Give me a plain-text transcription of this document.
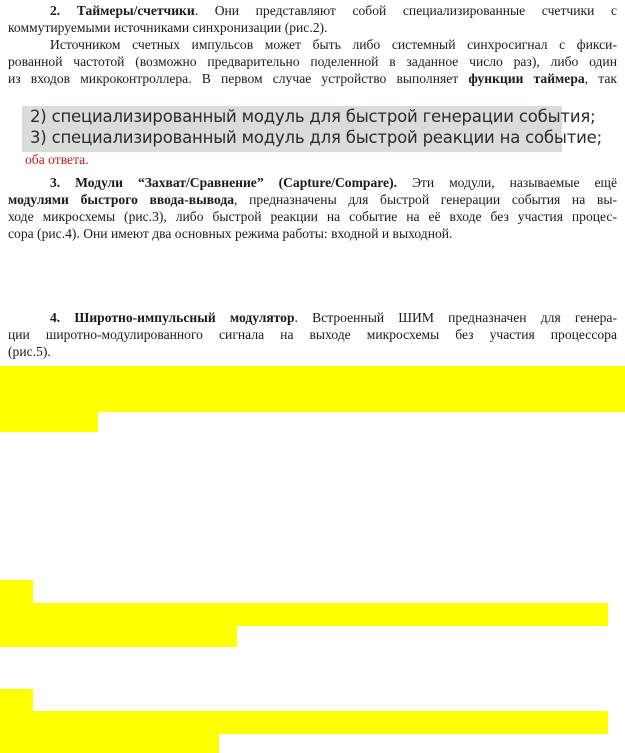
2. Таймеры/счетчики. Они представляют собой специализированные счетчики с
коммутируемыми источниками синхронизации (рис.2).
Источником счетных импульсов может быть либо системный синхросигнал с фикси-
рованной частотой (возможно предварительно поделенной в заданное число раз), либо один
из входов микроконтроллера. В первом случае устройство выполняет функции таймера, так
2) специализированный модуль для быстрой генерации события;
3) специализированный модуль для быстрой реакции на событие;
оба ответа.
3. Модули “Захват/Сравнение” (Capture/Compare). Эти модули, называемые ещё
модулями быстрого ввода-вывода, предназначены для быстрой генерации события на вы-
ходе микросхемы (рис.3), либо быстрой реакции на событие на её входе без участия процес-
сора (рис.4). Они имеют два основных режима работы: входной и выходной.
4. Широтно-импульсный модулятор. Встроенный ШИМ предназначен для генера-
ции широтно-модулированного сигнала на выходе микросхемы без участия процессора
(рис.5).
